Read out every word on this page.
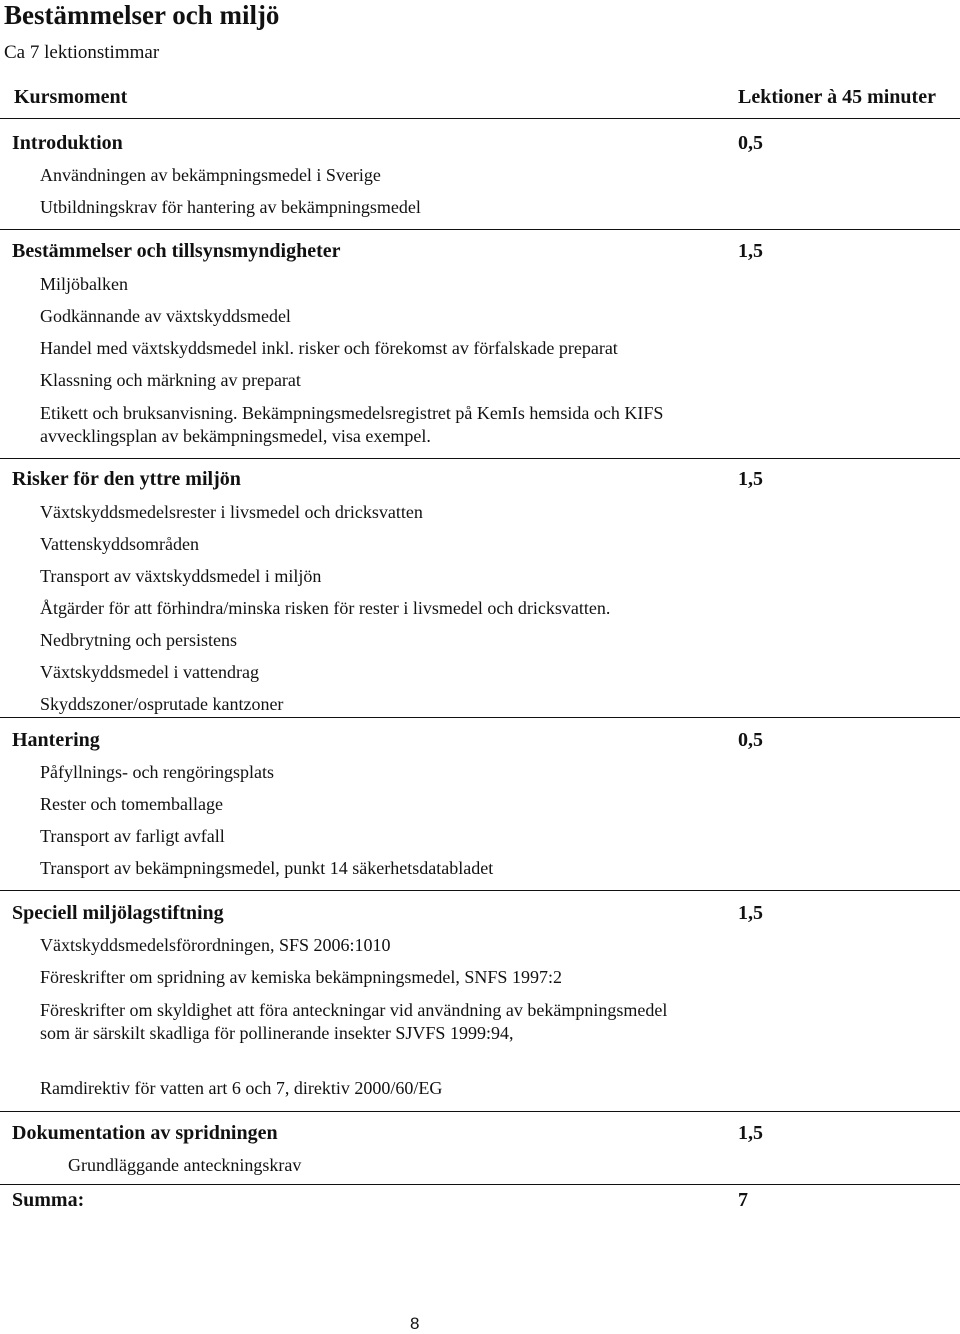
Bestämmelser och miljö
Ca 7 lektionstimmar
Kursmoment	Lektioner à 45 minuter
Introduktion	0,5
Användningen av bekämpningsmedel i Sverige
Utbildningskrav för hantering av bekämpningsmedel
Bestämmelser och tillsynsmyndigheter	1,5
Miljöbalken
Godkännande av växtskyddsmedel
Handel med växtskyddsmedel inkl. risker och förekomst av förfalskade preparat
Klassning och märkning av preparat
Etikett och bruksanvisning. Bekämpningsmedelsregistret på KemIs hemsida och KIFS avvecklingsplan av bekämpningsmedel, visa exempel.
Risker för den yttre miljön	1,5
Växtskyddsmedelsrester i livsmedel och dricksvatten
Vattenskyddsområden
Transport av växtskyddsmedel i miljön
Åtgärder för att förhindra/minska risken för rester i livsmedel och dricksvatten.
Nedbrytning och persistens
Växtskyddsmedel i vattendrag
Skyddszoner/osprutade kantzoner
Hantering	0,5
Påfyllnings- och rengöringsplats
Rester och tomemballage
Transport av farligt avfall
Transport av bekämpningsmedel, punkt 14 säkerhetsdatabladet
Speciell miljölagstiftning	1,5
Växtskyddsmedelsförordningen, SFS 2006:1010
Föreskrifter om spridning av kemiska bekämpningsmedel, SNFS 1997:2
Föreskrifter om skyldighet att föra anteckningar vid användning av bekämpningsmedel som är särskilt skadliga för pollinerande insekter SJVFS 1999:94,
Ramdirektiv för vatten art 6 och 7, direktiv 2000/60/EG
Dokumentation av spridningen	1,5
Grundläggande anteckningskrav
Summa:	7
8
